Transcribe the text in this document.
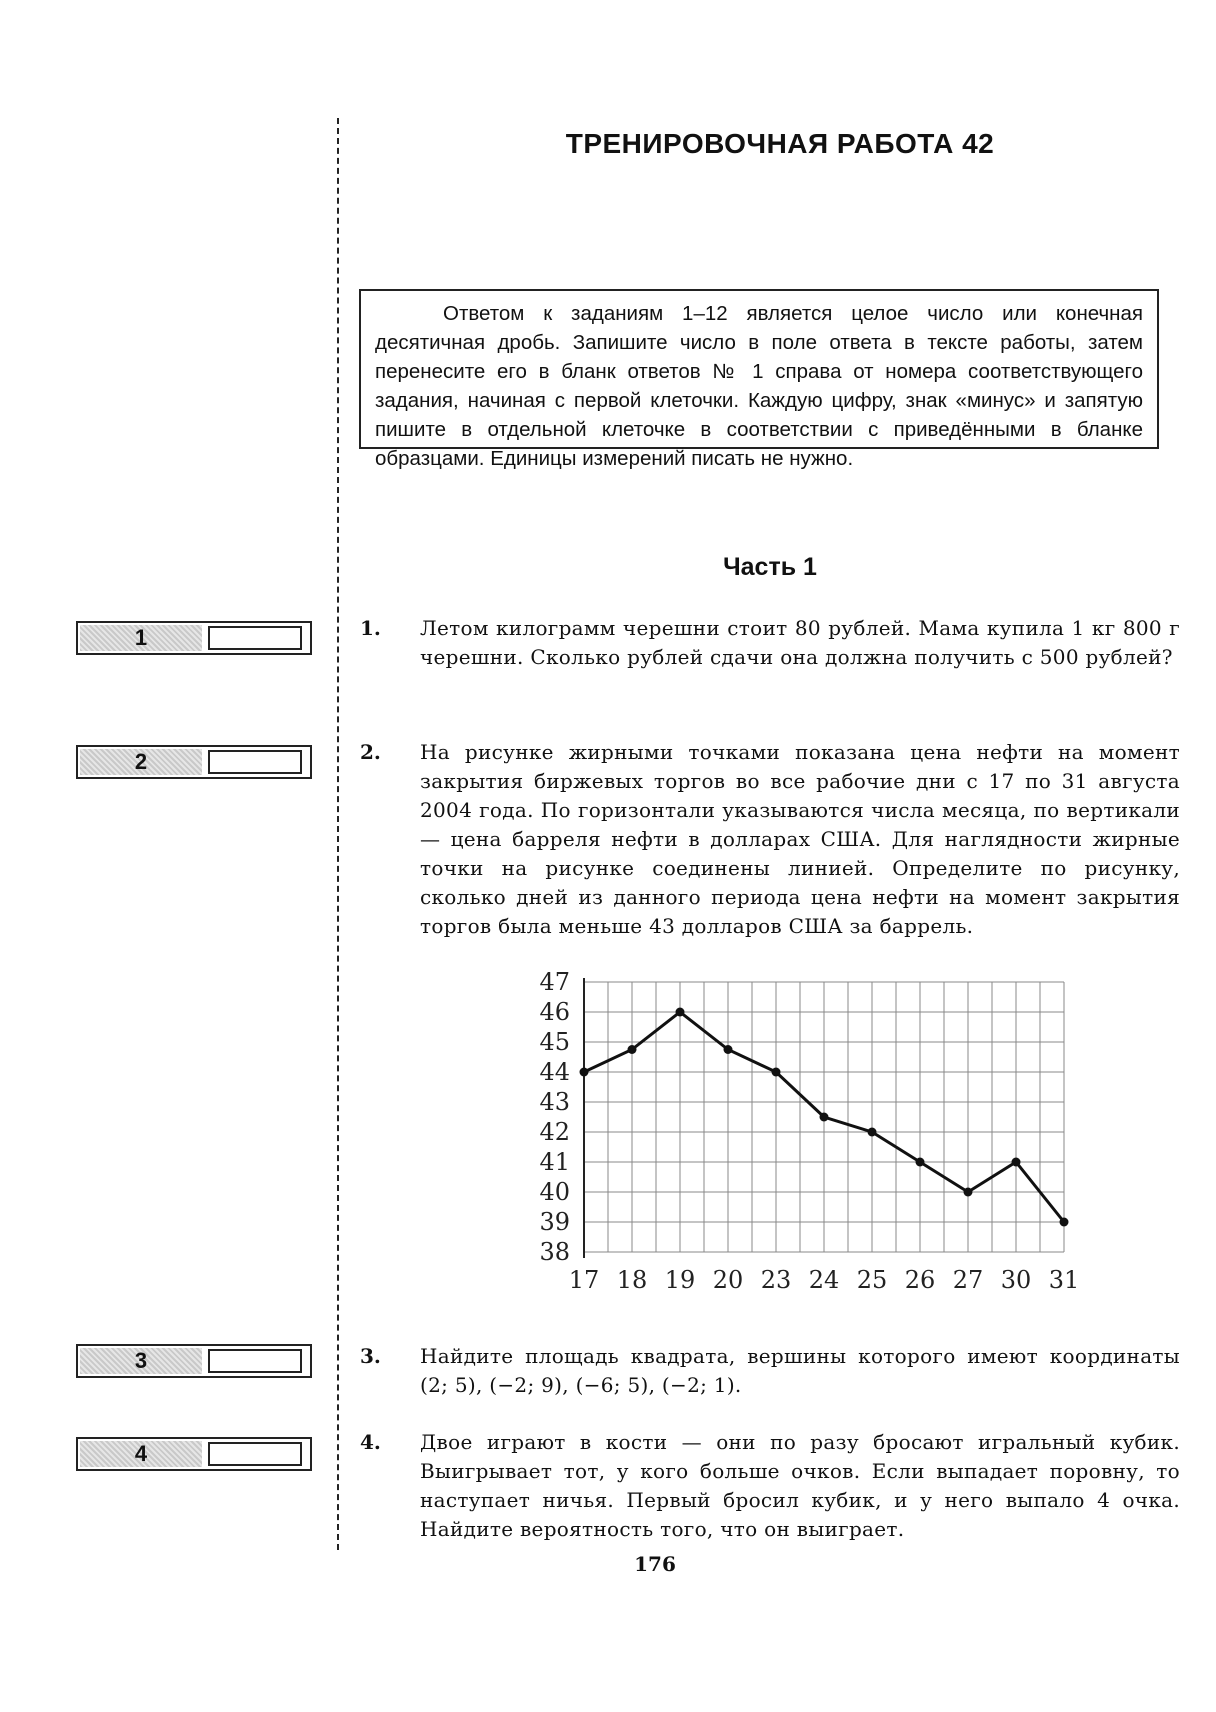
ТРЕНИРОВОЧНАЯ РАБОТА 42
Ответом к заданиям 1–12 является целое число или конечная десятичная дробь. Запишите число в поле ответа в тексте работы, затем перенесите его в бланк ответов № 1 справа от номера соответствующего задания, начиная с первой клеточки. Каждую цифру, знак «минус» и запятую пишите в отдельной клеточке в соответствии с приведёнными в бланке образцами. Единицы измерений писать не нужно.
Часть 1
1
2
3
4
1. Летом килограмм черешни стоит 80 рублей. Мама купила 1 кг 800 г черешни. Сколько рублей сдачи она должна получить с 500 рублей?
2. На рисунке жирными точками показана цена нефти на момент закрытия биржевых торгов во все рабочие дни с 17 по 31 августа 2004 года. По горизонтали указываются числа месяца, по вертикали — цена барреля нефти в долларах США. Для наглядности жирные точки на рисунке соединены линией. Определите по рисунку, сколько дней из данного периода цена нефти на момент закрытия торгов была меньше 43 долларов США за баррель.
38
39
40
41
42
43
44
45
46
47
17 18 19 20 23 24 25 26 27 30 31
3. Найдите площадь квадрата, вершины которого имеют координаты (2; 5), (−2; 9), (−6; 5), (−2; 1).
4. Двое играют в кости — они по разу бросают игральный кубик. Выигрывает тот, у кого больше очков. Если выпадает поровну, то наступает ничья. Первый бросил кубик, и у него выпало 4 очка. Найдите вероятность того, что он выиграет.
176
